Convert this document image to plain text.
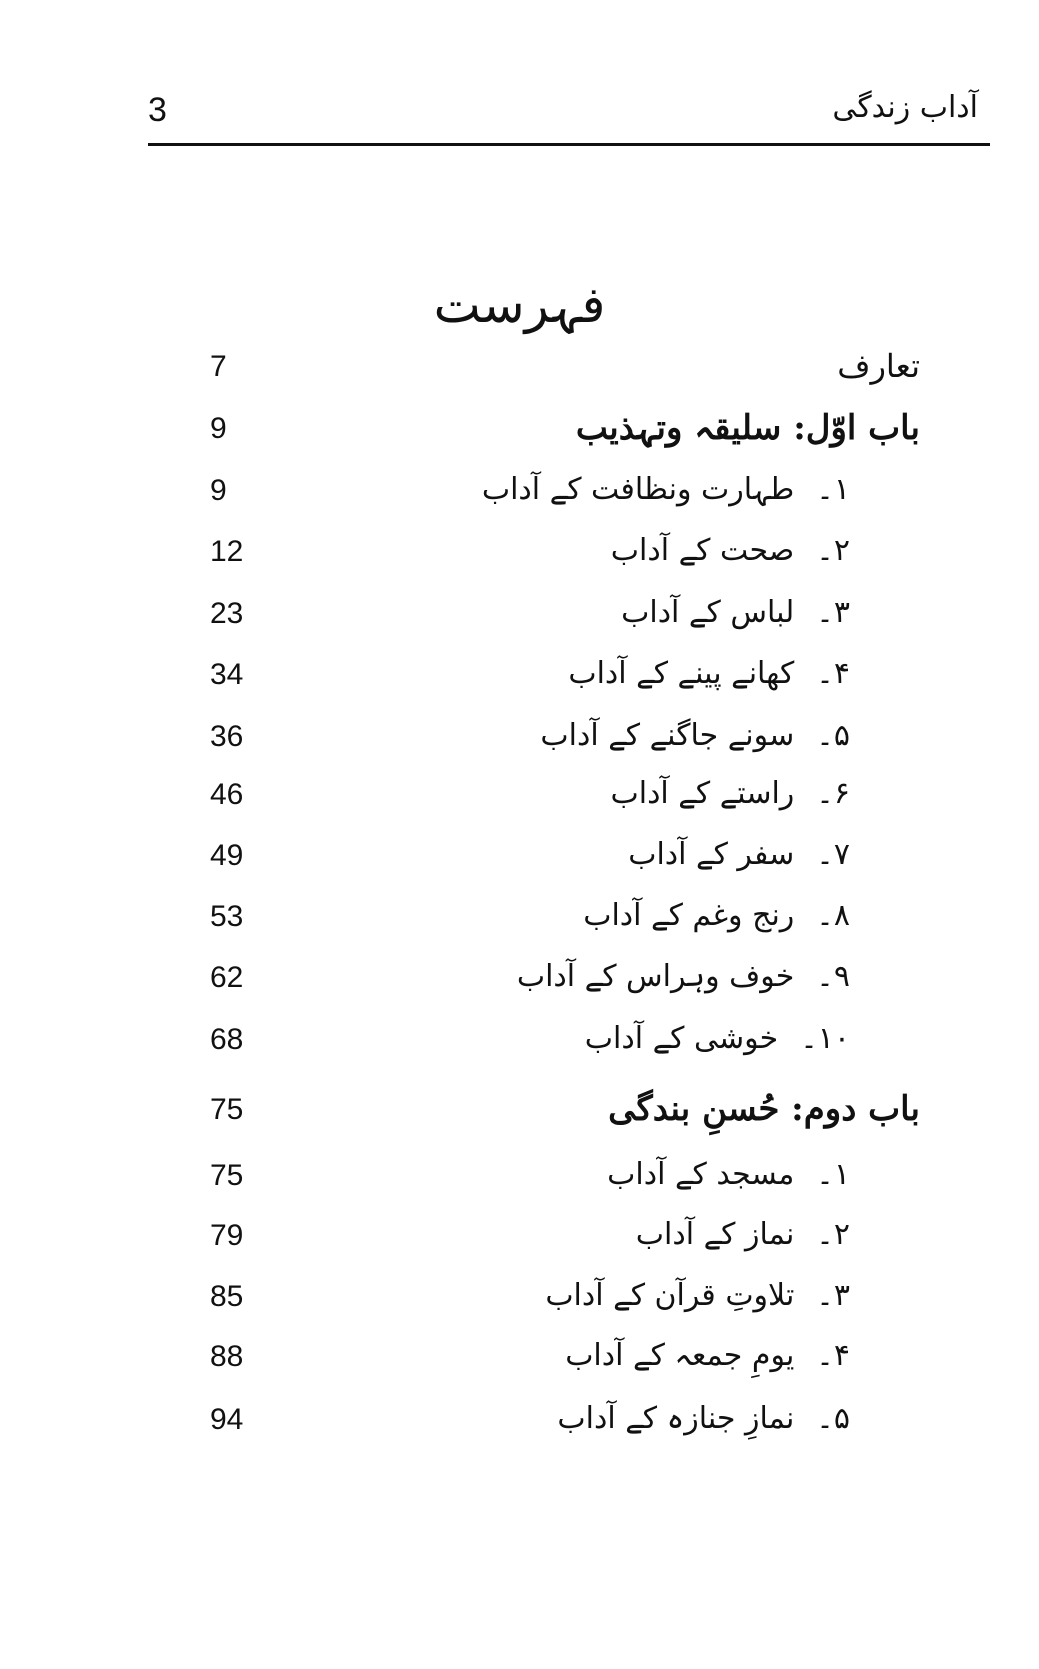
3	آداب زندگی
فہرست
7	تعارف
9	باب اوّل: سلیقہ وتہذیب
9	۱۔طہارت ونظافت کے آداب
12	۲۔صحت کے آداب
23	۳۔لباس کے آداب
34	۴۔کھانے پینے کے آداب
36	۵۔سونے جاگنے کے آداب
46	۶۔راستے کے آداب
49	۷۔سفر کے آداب
53	۸۔رنج وغم کے آداب
62	۹۔خوف وہراس کے آداب
68	۱۰۔خوشی کے آداب
75	باب دوم: حُسنِ بندگی
75	۱۔مسجد کے آداب
79	۲۔نماز کے آداب
85	۳۔تلاوتِ قرآن کے آداب
88	۴۔یومِ جمعہ کے آداب
94	۵۔نمازِ جنازہ کے آداب
